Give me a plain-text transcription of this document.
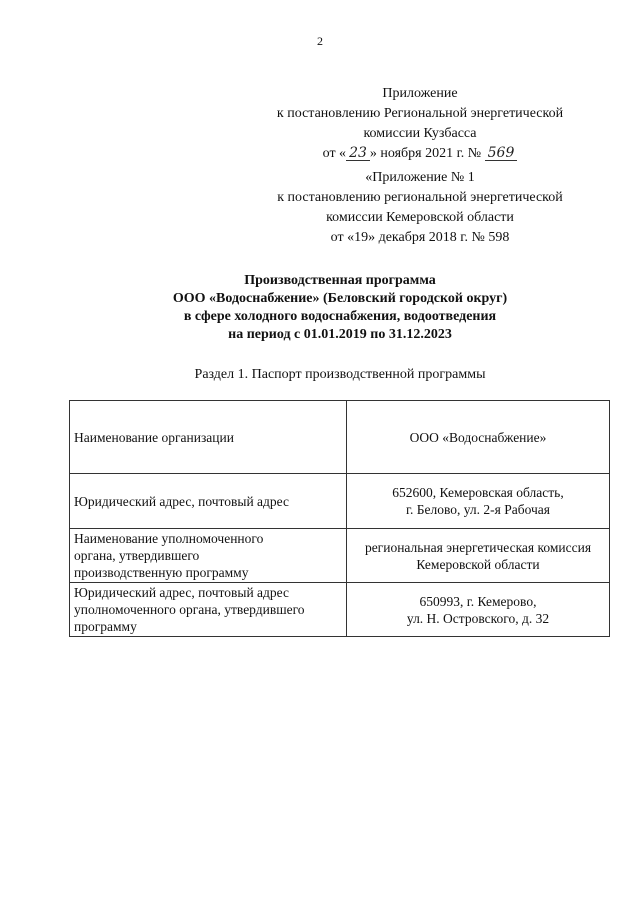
2
Приложение
к постановлению Региональной энергетической
комиссии Кузбасса
от « 23 » ноября 2021 г. № 569
«Приложение № 1
к постановлению региональной энергетической
комиссии Кемеровской области
от «19» декабря 2018 г. № 598
Производственная программа
ООО «Водоснабжение» (Беловский городской округ)
в сфере холодного водоснабжения, водоотведения
на период с 01.01.2019 по 31.12.2023
Раздел 1. Паспорт производственной программы
Наименование организации	ООО «Водоснабжение»

Юридический адрес, почтовый адрес	652600, Кемеровская область,
г. Белово, ул. 2-я Рабочая

Наименование уполномоченного
органа, утвердившего
производственную программу	региональная энергетическая комиссия
Кемеровской области

Юридический адрес, почтовый адрес
уполномоченного органа, утвердившего
программу	650993, г. Кемерово,
ул. Н. Островского, д. 32
